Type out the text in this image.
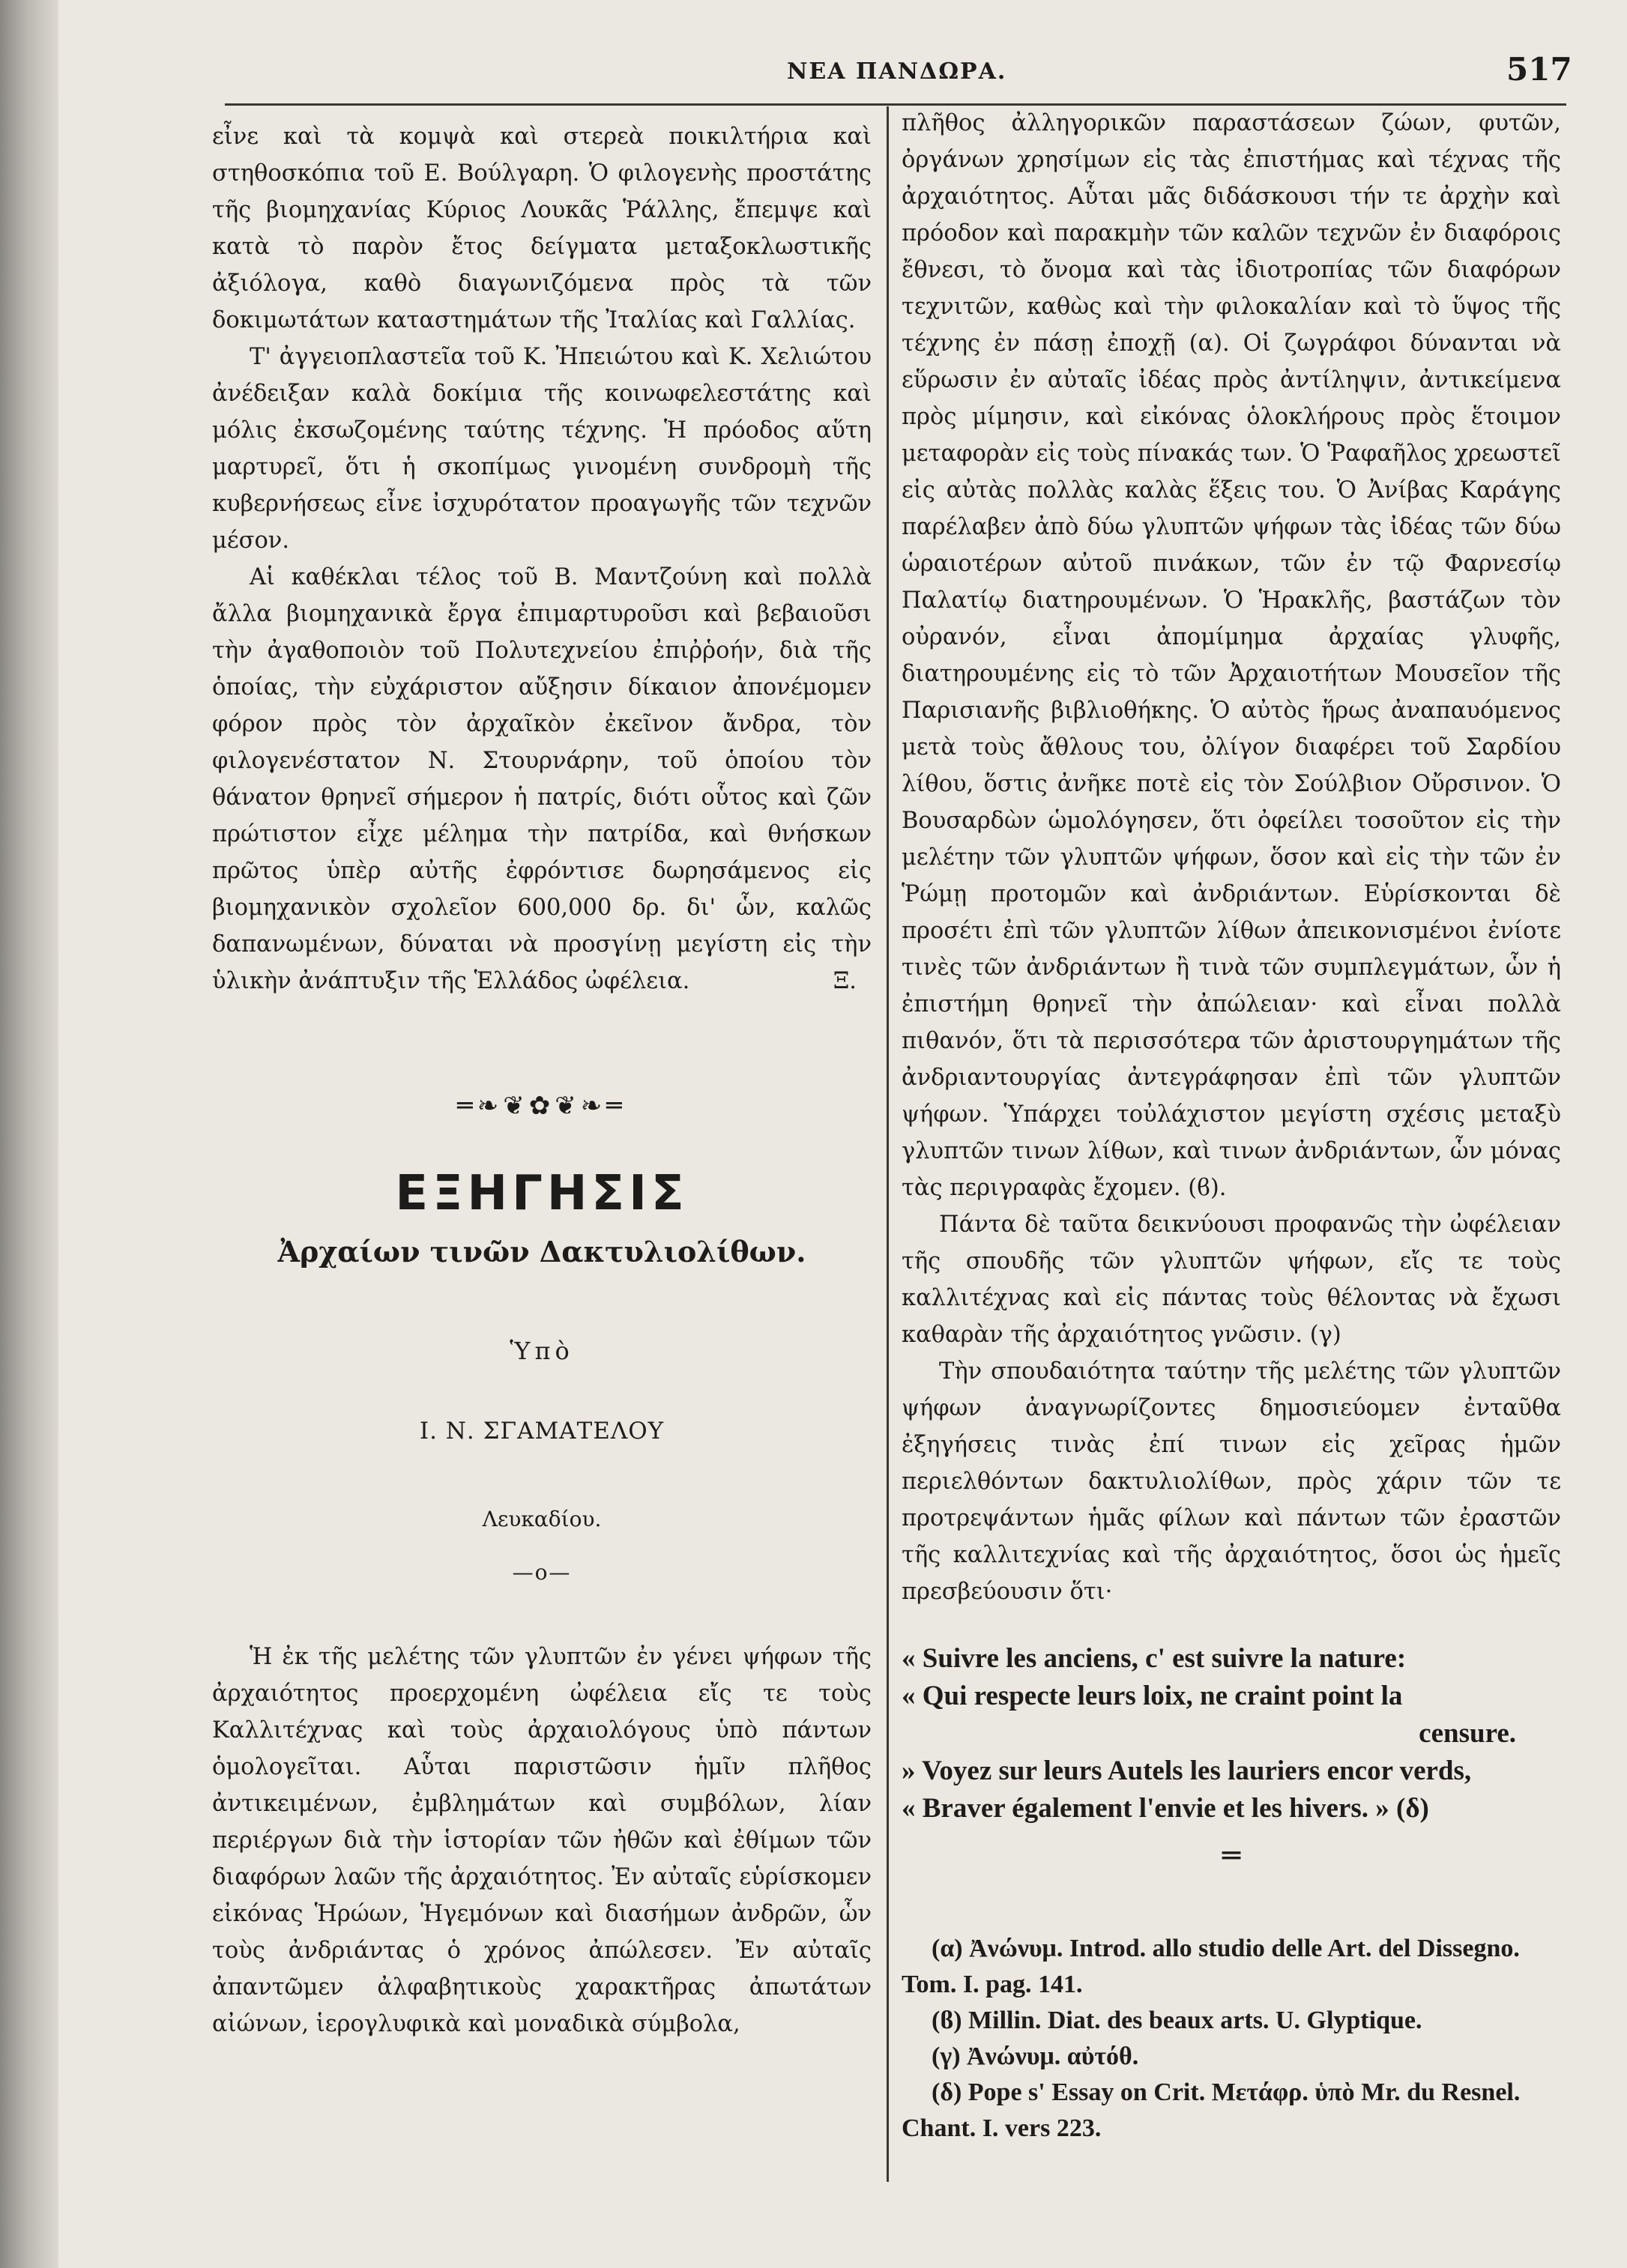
ΝΕΑ ΠΑΝΔΩΡΑ.	517

εἶνε καὶ τὰ κομψὰ καὶ στερεὰ ποικιλτήρια καὶ στηθοσκόπια τοῦ Ε. Βούλγαρη. Ὁ φιλογενὴς προστάτης τῆς βιομηχανίας Κύριος Λουκᾶς Ῥάλλης, ἔπεμψε καὶ κατὰ τὸ παρὸν ἔτος δείγματα μεταξοκλωστικῆς ἀξιόλογα, καθὸ διαγωνιζόμενα πρὸς τὰ τῶν δοκιμωτάτων καταστημάτων τῆς Ἰταλίας καὶ Γαλλίας.

Τ' ἀγγειοπλαστεῖα τοῦ Κ. Ἠπειώτου καὶ Κ. Χελιώτου ἀνέδειξαν καλὰ δοκίμια τῆς κοινωφελεστάτης καὶ μόλις ἐκσωζομένης ταύτης τέχνης. Ἡ πρόοδος αὕτη μαρτυρεῖ, ὅτι ἡ σκοπίμως γινομένη συνδρομὴ τῆς κυβερνήσεως εἶνε ἰσχυρότατον προαγωγῆς τῶν τεχνῶν μέσον.

Αἱ καθέκλαι τέλος τοῦ Β. Μαντζούνη καὶ πολλὰ ἄλλα βιομηχανικὰ ἔργα ἐπιμαρτυροῦσι καὶ βεβαιοῦσι τὴν ἀγαθοποιὸν τοῦ Πολυτεχνείου ἐπιῤῥοήν, διὰ τῆς ὁποίας, τὴν εὐχάριστον αὔξησιν δίκαιον ἀπονέμομεν φόρον πρὸς τὸν ἀρχαῖκὸν ἐκεῖνον ἄνδρα, τὸν φιλογενέστατον Ν. Στουρνάρην, τοῦ ὁποίου τὸν θάνατον θρηνεῖ σήμερον ἡ πατρίς, διότι οὗτος καὶ ζῶν πρώτιστον εἶχε μέλημα τὴν πατρίδα, καὶ θνήσκων πρῶτος ὑπὲρ αὐτῆς ἐφρόντισε δωρησάμενος εἰς βιομηχανικὸν σχολεῖον 600,000 δρ. δι' ὧν, καλῶς δαπανωμένων, δύναται νὰ προσγίνῃ μεγίστη εἰς τὴν ὑλικὴν ἀνάπτυξιν τῆς Ἑλλάδος ὠφέλεια.	Ξ.

═❧❦✿❦❧═
ΕΞΗΓΗΣΙΣ
Ἀρχαίων τινῶν Δακτυλιολίθων.
Ὑπὸ
Ι. Ν. ΣΓΑΜΑΤΕΛΟΥ
Λευκαδίου.
—o—

Ἡ ἐκ τῆς μελέτης τῶν γλυπτῶν ἐν γένει ψήφων τῆς ἀρχαιότητος προερχομένη ὠφέλεια εἴς τε τοὺς Καλλιτέχνας καὶ τοὺς ἀρχαιολόγους ὑπὸ πάντων ὁμολογεῖται. Αὗται παριστῶσιν ἡμῖν πλῆθος ἀντικειμένων, ἐμβλημάτων καὶ συμβόλων, λίαν περιέργων διὰ τὴν ἱστορίαν τῶν ἠθῶν καὶ ἐθίμων τῶν διαφόρων λαῶν τῆς ἀρχαιότητος. Ἐν αὐταῖς εὑρίσκομεν εἰκόνας Ἡρώων, Ἡγεμόνων καὶ διασήμων ἀνδρῶν, ὧν τοὺς ἀνδριάντας ὁ χρόνος ἀπώλεσεν. Ἐν αὐταῖς ἀπαντῶμεν ἀλφαβητικοὺς χαρακτῆρας ἀπωτάτων αἰώνων, ἱερογλυφικὰ καὶ μοναδικὰ σύμβολα,

πλῆθος ἀλληγορικῶν παραστάσεων ζώων, φυτῶν, ὀργάνων χρησίμων εἰς τὰς ἐπιστήμας καὶ τέχνας τῆς ἀρχαιότητος. Αὗται μᾶς διδάσκουσι τήν τε ἀρχὴν καὶ πρόοδον καὶ παρακμὴν τῶν καλῶν τεχνῶν ἐν διαφόροις ἔθνεσι, τὸ ὄνομα καὶ τὰς ἰδιοτροπίας τῶν διαφόρων τεχνιτῶν, καθὼς καὶ τὴν φιλοκαλίαν καὶ τὸ ὕψος τῆς τέχνης ἐν πάσῃ ἐποχῇ (α). Οἱ ζωγράφοι δύνανται νὰ εὕρωσιν ἐν αὐταῖς ἰδέας πρὸς ἀντίληψιν, ἀντικείμενα πρὸς μίμησιν, καὶ εἰκόνας ὁλοκλήρους πρὸς ἕτοιμον μεταφορὰν εἰς τοὺς πίνακάς των. Ὁ Ῥαφαῆλος χρεωστεῖ εἰς αὐτὰς πολλὰς καλὰς ἕξεις του. Ὁ Ἀνίβας Καράγης παρέλαβεν ἀπὸ δύω γλυπτῶν ψήφων τὰς ἰδέας τῶν δύω ὡραιοτέρων αὐτοῦ πινάκων, τῶν ἐν τῷ Φαρνεσίῳ Παλατίῳ διατηρουμένων. Ὁ Ἡρακλῆς, βαστάζων τὸν οὐρανόν, εἶναι ἀπομίμημα ἀρχαίας γλυφῆς, διατηρουμένης εἰς τὸ τῶν Ἀρχαιοτήτων Μουσεῖον τῆς Παρισιανῆς βιβλιοθήκης. Ὁ αὐτὸς ἥρως ἀναπαυόμενος μετὰ τοὺς ἄθλους του, ὀλίγον διαφέρει τοῦ Σαρδίου λίθου, ὅστις ἀνῆκε ποτὲ εἰς τὸν Σούλβιον Οὔρσινον. Ὁ Βουσαρδὼν ὡμολόγησεν, ὅτι ὀφείλει τοσοῦτον εἰς τὴν μελέτην τῶν γλυπτῶν ψήφων, ὅσον καὶ εἰς τὴν τῶν ἐν Ῥώμῃ προτομῶν καὶ ἀνδριάντων. Εὑρίσκονται δὲ προσέτι ἐπὶ τῶν γλυπτῶν λίθων ἀπεικονισμένοι ἐνίοτε τινὲς τῶν ἀνδριάντων ἢ τινὰ τῶν συμπλεγμάτων, ὧν ἡ ἐπιστήμη θρηνεῖ τὴν ἀπώλειαν· καὶ εἶναι πολλὰ πιθανόν, ὅτι τὰ περισσότερα τῶν ἀριστουργημάτων τῆς ἀνδριαντουργίας ἀντεγράφησαν ἐπὶ τῶν γλυπτῶν ψήφων. Ὑπάρχει τοὐλάχιστον μεγίστη σχέσις μεταξὺ γλυπτῶν τινων λίθων, καὶ τινων ἀνδριάντων, ὧν μόνας τὰς περιγραφὰς ἔχομεν. (ϐ).

Πάντα δὲ ταῦτα δεικνύουσι προφανῶς τὴν ὠφέλειαν τῆς σπουδῆς τῶν γλυπτῶν ψήφων, εἴς τε τοὺς καλλιτέχνας καὶ εἰς πάντας τοὺς θέλοντας νὰ ἔχωσι καθαρὰν τῆς ἀρχαιότητος γνῶσιν. (γ)

Τὴν σπουδαιότητα ταύτην τῆς μελέτης τῶν γλυπτῶν ψήφων ἀναγνωρίζοντες δημοσιεύομεν ἐνταῦθα ἐξηγήσεις τινὰς ἐπί τινων εἰς χεῖρας ἡμῶν περιελθόντων δακτυλιολίθων, πρὸς χάριν τῶν τε προτρεψάντων ἡμᾶς φίλων καὶ πάντων τῶν ἐραστῶν τῆς καλλιτεχνίας καὶ τῆς ἀρχαιότητος, ὅσοι ὡς ἡμεῖς πρεσβεύουσιν ὅτι·

« Suivre les anciens, c' est suivre la nature:
« Qui respecte leurs loix, ne craint point la
censure.
» Voyez sur leurs Autels les lauriers encor verds,
« Braver également l'envie et les hivers. » (δ)
═

(α) Ἀνώνυμ. Introd. allo studio delle Art. del Dissegno. Tom. I. pag. 141.

(ϐ) Millin. Diat. des beaux arts. U. Glyptique.

(γ) Ἀνώνυμ. αὐτόθ.

(δ) Pope s' Essay on Crit. Μετάφρ. ὑπὸ Mr. du Resnel. Chant. I. vers 223.
